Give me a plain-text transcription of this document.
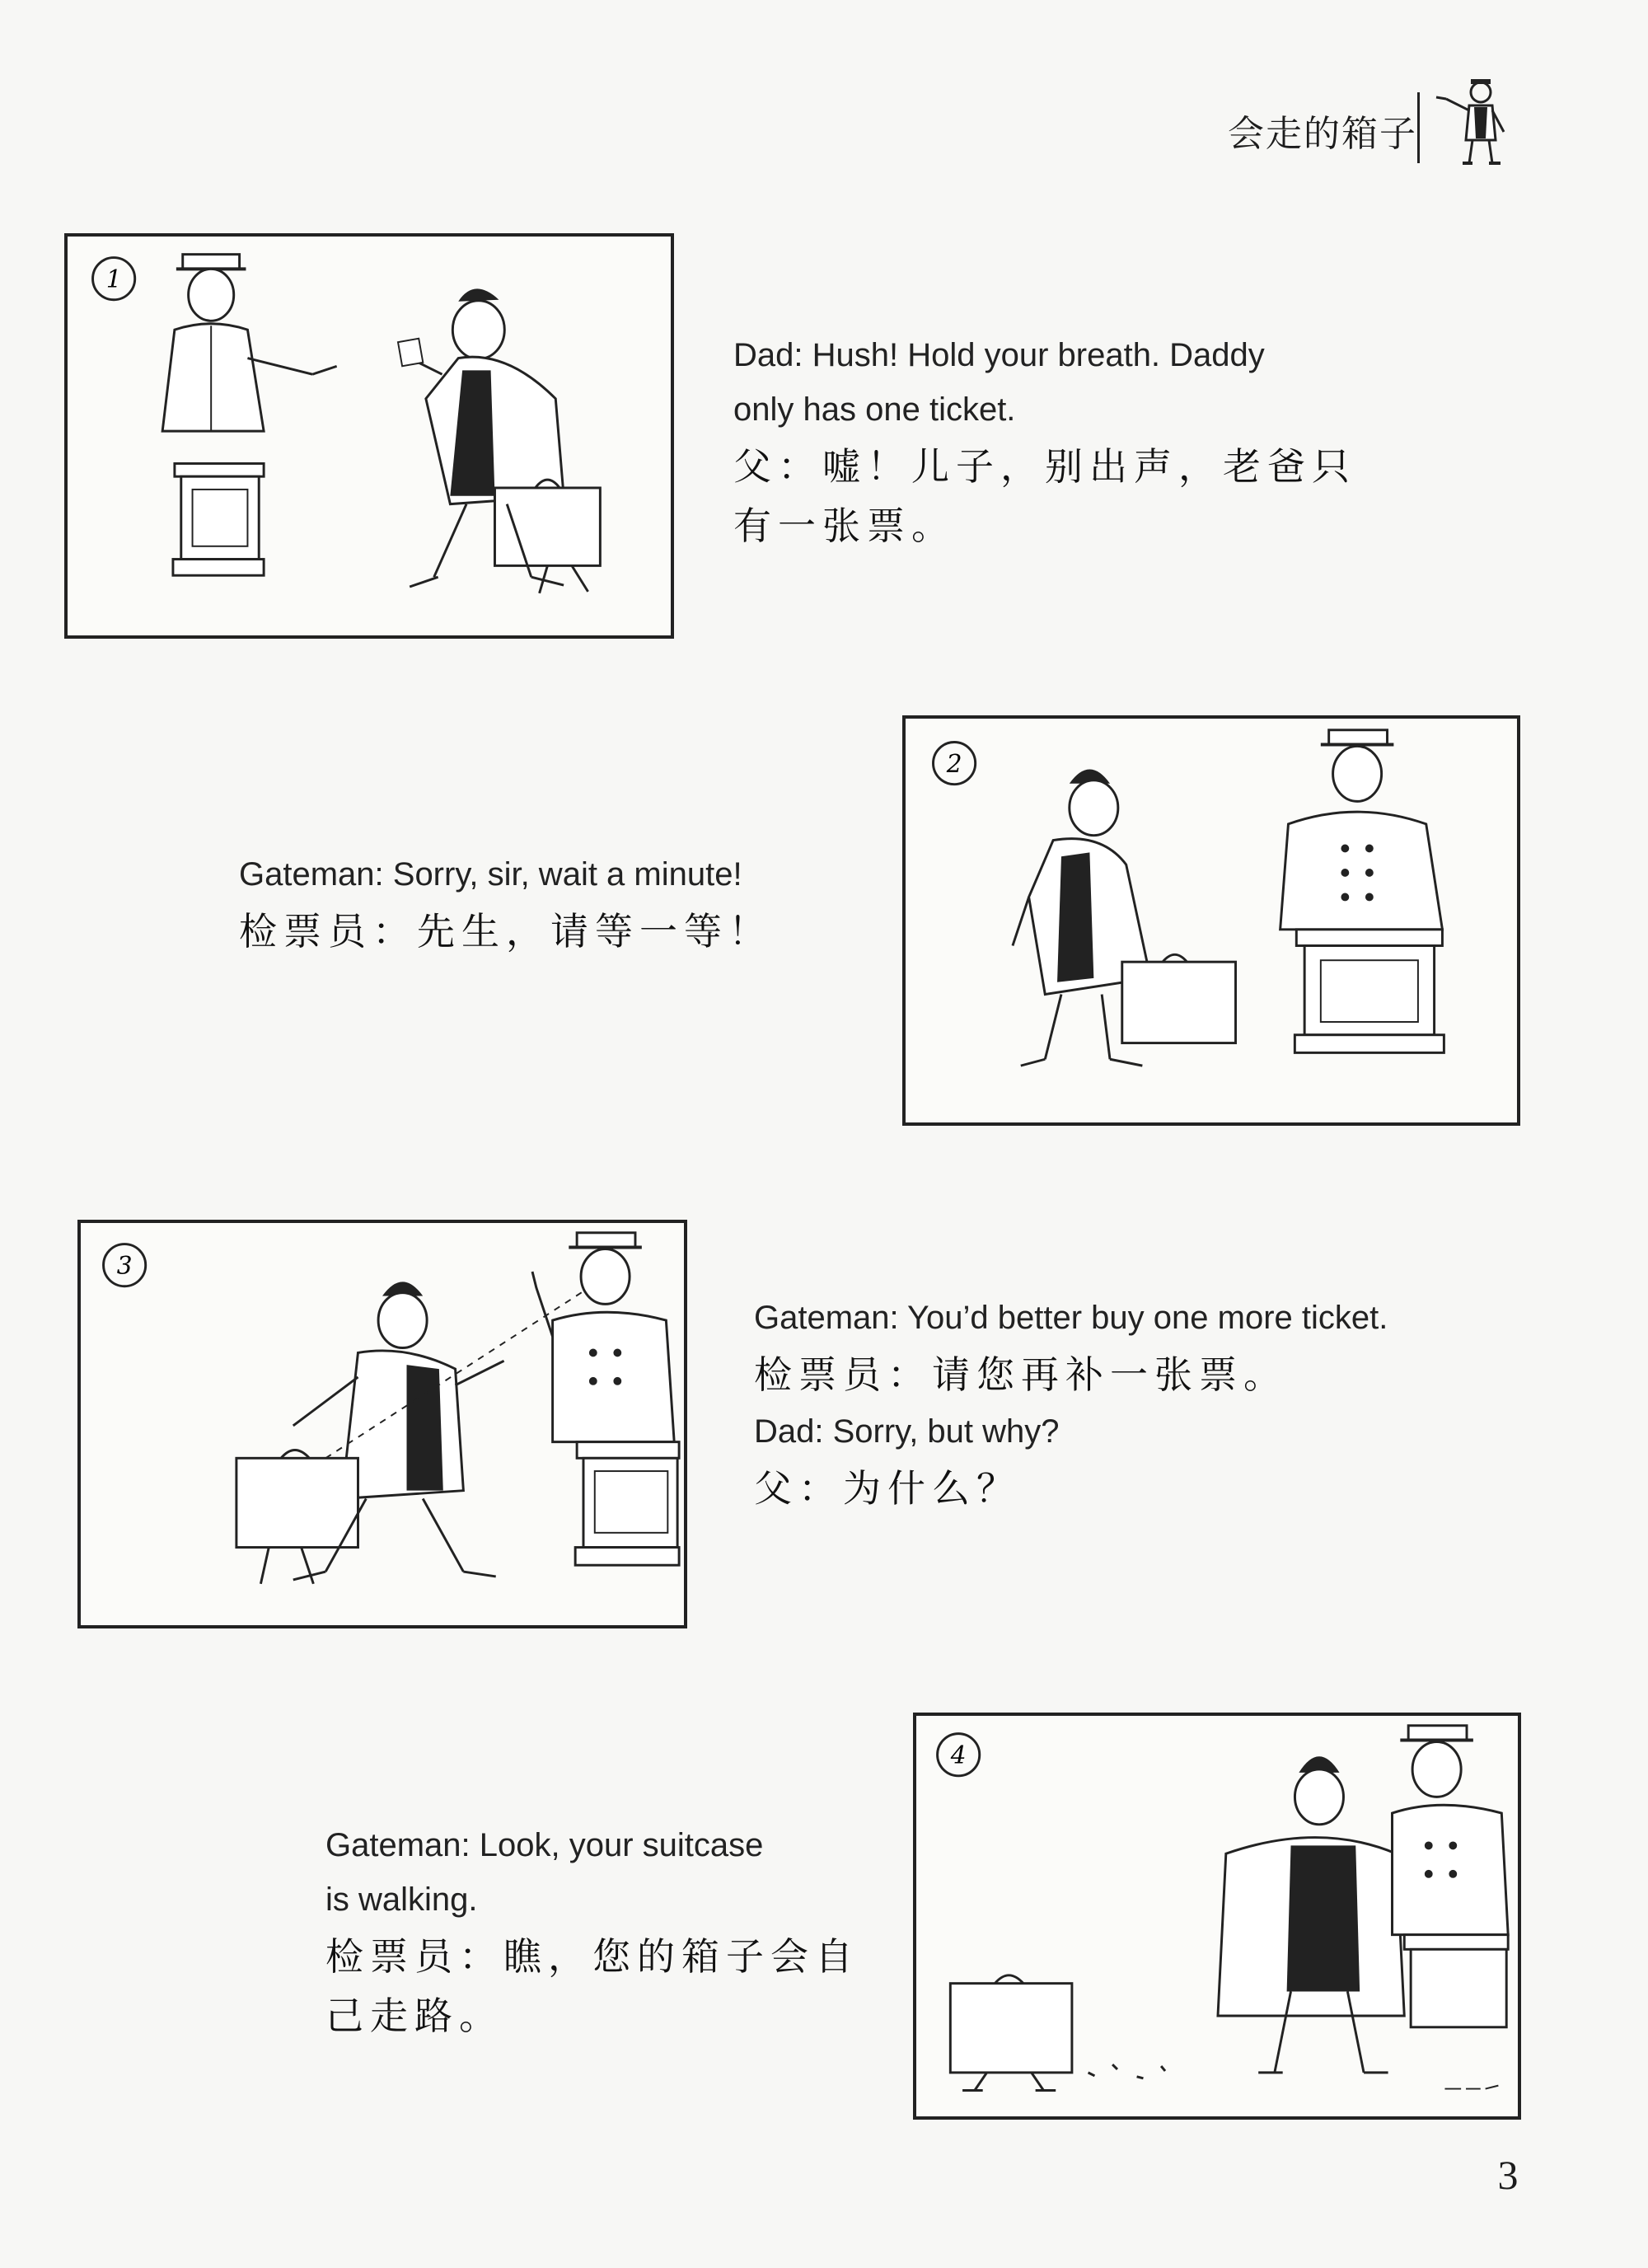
会走的箱子
1
Dad: Hush! Hold your breath. Daddy
only has one ticket.
父：嘘！儿子，别出声，老爸只
有一张票。
2
Gateman: Sorry, sir, wait a minute!
检票员：先生，请等一等！
3
Gateman: You’d better buy one more ticket.
检票员：请您再补一张票。
Dad: Sorry, but why?
父：为什么？
4
Gateman: Look, your suitcase
is walking.
检票员：瞧，您的箱子会自
己走路。
3
